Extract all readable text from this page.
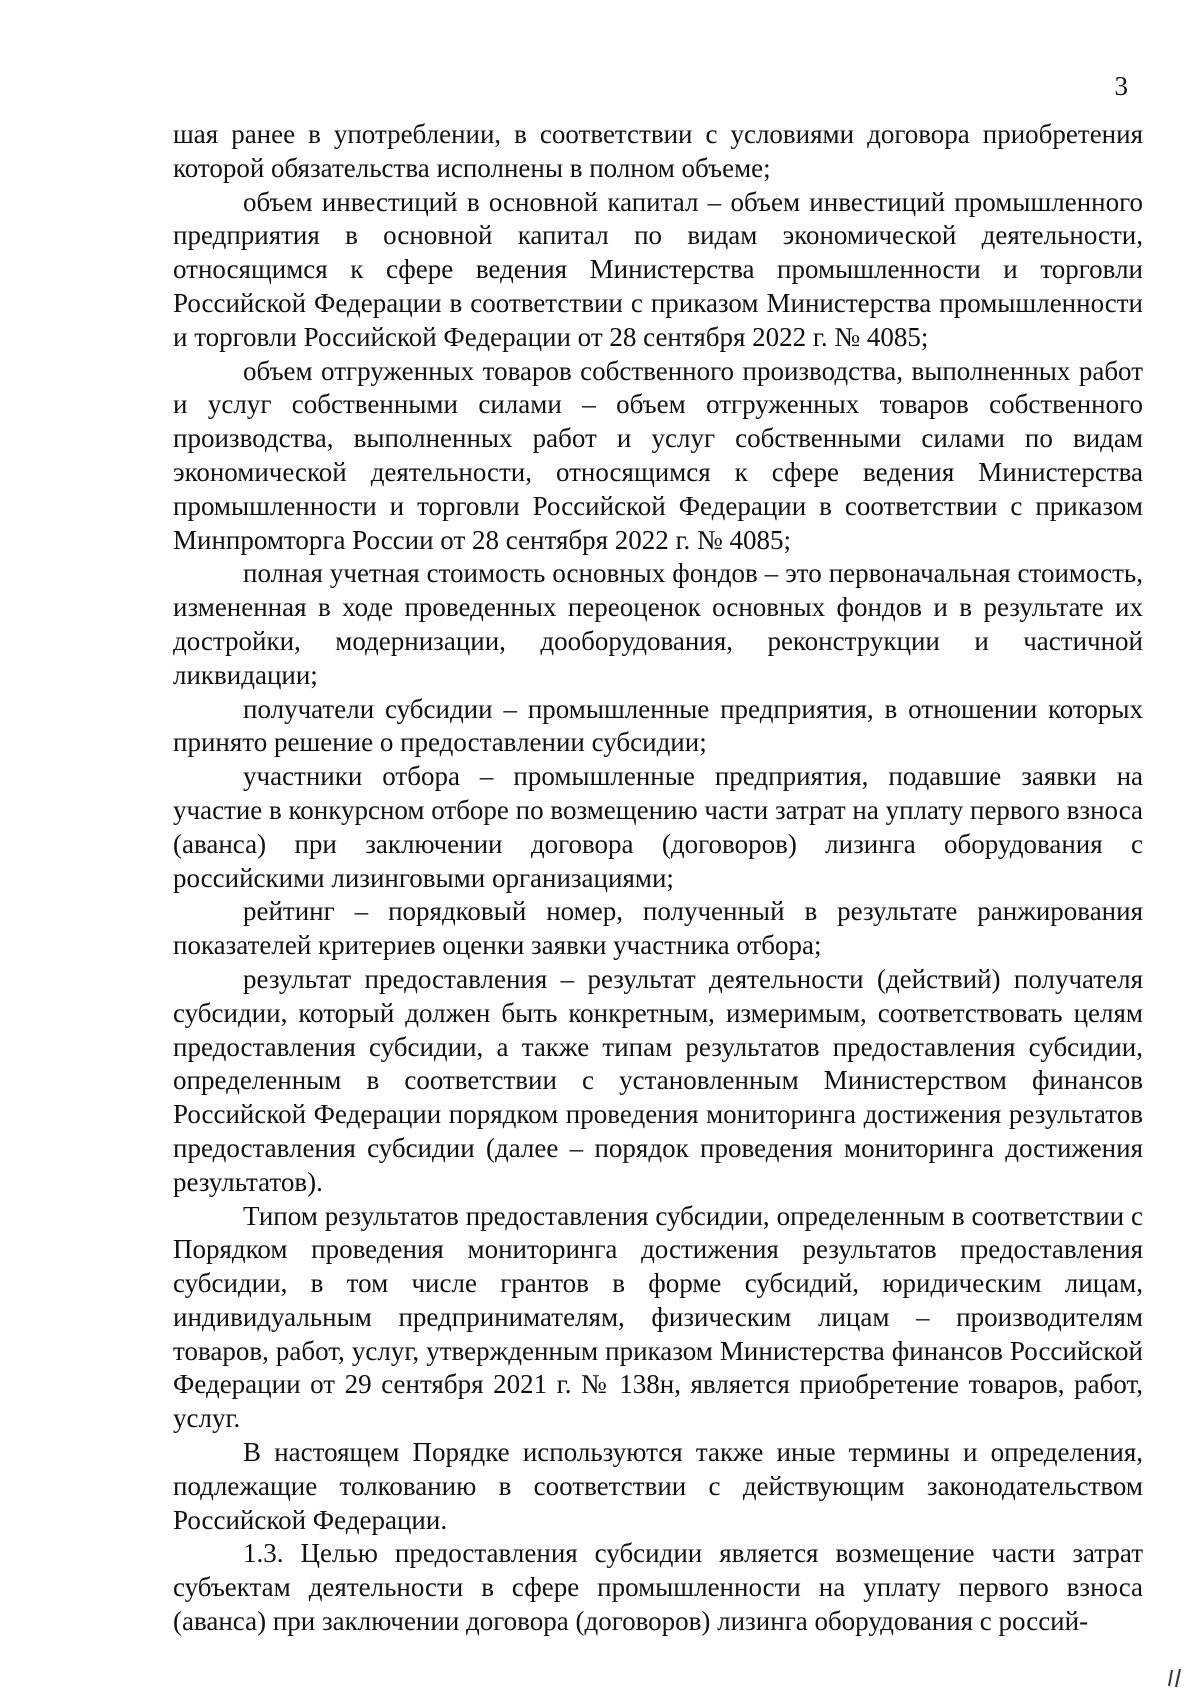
3

шая ранее в употреблении, в соответствии с условиями договора приобретения которой обязательства исполнены в полном объеме;

объем инвестиций в основной капитал – объем инвестиций промышленного предприятия в основной капитал по видам экономической деятельности, относящимся к сфере ведения Министерства промышленности и торговли Российской Федерации в соответствии с приказом Министерства промышленности и торговли Российской Федерации от 28 сентября 2022 г. № 4085;

объем отгруженных товаров собственного производства, выполненных работ и услуг собственными силами – объем отгруженных товаров собственного производства, выполненных работ и услуг собственными силами по видам экономической деятельности, относящимся к сфере ведения Министерства промышленности и торговли Российской Федерации в соответствии с приказом Минпромторга России от 28 сентября 2022 г. № 4085;

полная учетная стоимость основных фондов – это первоначальная стоимость, измененная в ходе проведенных переоценок основных фондов и в результате их достройки, модернизации, дооборудования, реконструкции и частичной ликвидации;

получатели субсидии – промышленные предприятия, в отношении которых принято решение о предоставлении субсидии;

участники отбора – промышленные предприятия, подавшие заявки на участие в конкурсном отборе по возмещению части затрат на уплату первого взноса (аванса) при заключении договора (договоров) лизинга оборудования с российскими лизинговыми организациями;

рейтинг – порядковый номер, полученный в результате ранжирования показателей критериев оценки заявки участника отбора;

результат предоставления – результат деятельности (действий) получателя субсидии, который должен быть конкретным, измеримым, соответствовать целям предоставления субсидии, а также типам результатов предоставления субсидии, определенным в соответствии с установленным Министерством финансов Российской Федерации порядком проведения мониторинга достижения результатов предоставления субсидии (далее – порядок проведения мониторинга достижения результатов).

Типом результатов предоставления субсидии, определенным в соответствии с Порядком проведения мониторинга достижения результатов предоставления субсидии, в том числе грантов в форме субсидий, юридическим лицам, индивидуальным предпринимателям, физическим лицам – производителям товаров, работ, услуг, утвержденным приказом Министерства финансов Российской Федерации от 29 сентября 2021 г. № 138н, является приобретение товаров, работ, услуг.

В настоящем Порядке используются также иные термины и определения, подлежащие толкованию в соответствии с действующим законодательством Российской Федерации.

1.3. Целью предоставления субсидии является возмещение части затрат субъектам деятельности в сфере промышленности на уплату первого взноса (аванса) при заключении договора (договоров) лизинга оборудования с россий-
